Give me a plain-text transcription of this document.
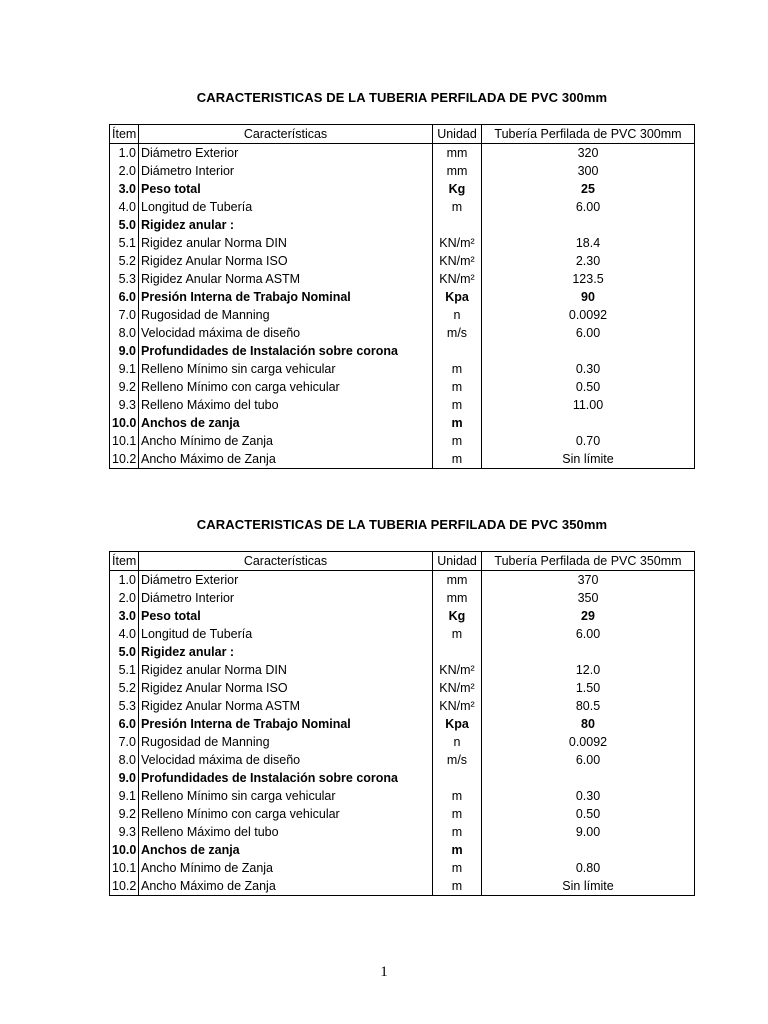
CARACTERISTICAS DE LA TUBERIA PERFILADA DE PVC 300mm
Ítem	Características	Unidad	Tubería Perfilada de PVC 300mm
1.0	Diámetro Exterior	mm	320
2.0	Diámetro Interior	mm	300
3.0	Peso total	Kg	25
4.0	Longitud de Tubería	m	6.00
5.0	Rigidez anular :		
5.1	Rigidez anular Norma DIN	KN/m²	18.4
5.2	Rigidez Anular Norma ISO	KN/m²	2.30
5.3	Rigidez Anular Norma ASTM	KN/m²	123.5
6.0	Presión Interna de Trabajo Nominal	Kpa	90
7.0	Rugosidad de Manning	n	0.0092
8.0	Velocidad máxima de diseño	m/s	6.00
9.0	Profundidades de Instalación sobre corona		
9.1	Relleno Mínimo sin carga vehicular	m	0.30
9.2	Relleno Mínimo con carga vehicular	m	0.50
9.3	Relleno Máximo del tubo	m	11.00
10.0	Anchos de zanja	m	
10.1	Ancho Mínimo de Zanja	m	0.70
10.2	Ancho Máximo de Zanja	m	Sin límite
CARACTERISTICAS DE LA TUBERIA PERFILADA DE PVC 350mm
Ítem	Características	Unidad	Tubería Perfilada de PVC 350mm
1.0	Diámetro Exterior	mm	370
2.0	Diámetro Interior	mm	350
3.0	Peso total	Kg	29
4.0	Longitud de Tubería	m	6.00
5.0	Rigidez anular :		
5.1	Rigidez anular Norma DIN	KN/m²	12.0
5.2	Rigidez Anular Norma ISO	KN/m²	1.50
5.3	Rigidez Anular Norma ASTM	KN/m²	80.5
6.0	Presión Interna de Trabajo Nominal	Kpa	80
7.0	Rugosidad de Manning	n	0.0092
8.0	Velocidad máxima de diseño	m/s	6.00
9.0	Profundidades de Instalación sobre corona		
9.1	Relleno Mínimo sin carga vehicular	m	0.30
9.2	Relleno Mínimo con carga vehicular	m	0.50
9.3	Relleno Máximo del tubo	m	9.00
10.0	Anchos de zanja	m	
10.1	Ancho Mínimo de Zanja	m	0.80
10.2	Ancho Máximo de Zanja	m	Sin límite
1
